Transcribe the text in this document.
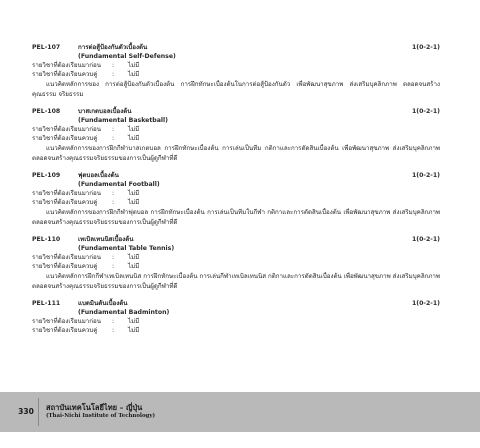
PEL-107	การต่อสู้ป้องกันตัวเบื้องต้น	1(0-2-1)
(Fundamental Self-Defense)
รายวิชาที่ต้องเรียนมาก่อน	:	ไม่มี
รายวิชาที่ต้องเรียนควบคู่	:	ไม่มี
แนวคิดหลักการของ การต่อสู้ป้องกันตัวเบื้องต้น การฝึกทักษะเบื้องต้นในการต่อสู้ป้องกันตัว เพื่อพัฒนาสุขภาพ ส่งเสริมบุคลิกภาพ ตลอดจนสร้างคุณธรรม จริยธรรม
PEL-108	บาสเกตบอลเบื้องต้น	1(0-2-1)
(Fundamental Basketball)
รายวิชาที่ต้องเรียนมาก่อน	:	ไม่มี
รายวิชาที่ต้องเรียนควบคู่	:	ไม่มี
แนวคิดหลักการของการฝึกกีฬาบาสเกตบอล การฝึกทักษะเบื้องต้น การเล่นเป็นทีม กติกาและการตัดสินเบื้องต้น เพื่อพัฒนาสุขภาพ ส่งเสริมบุคลิกภาพ ตลอดจนสร้างคุณธรรมจริยธรรมของการเป็นผู้ดูกีฬาที่ดี
PEL-109	ฟุตบอลเบื้องต้น	1(0-2-1)
(Fundamental Football)
รายวิชาที่ต้องเรียนมาก่อน	:	ไม่มี
รายวิชาที่ต้องเรียนควบคู่	:	ไม่มี
แนวคิดหลักการของการฝึกกีฬาฟุตบอล การฝึกทักษะเบื้องต้น การเล่นเป็นทีมในกีฬา กติกาและการตัดสินเบื้องต้น เพื่อพัฒนาสุขภาพ ส่งเสริมบุคลิกภาพ ตลอดจนสร้างคุณธรรมจริยธรรมของการเป็นผู้ดูกีฬาที่ดี
PEL-110	เทเบิลเทนนิสเบื้องต้น	1(0-2-1)
(Fundamental Table Tennis)
รายวิชาที่ต้องเรียนมาก่อน	:	ไม่มี
รายวิชาที่ต้องเรียนควบคู่	:	ไม่มี
แนวคิดหลักการฝึกกีฬาเทเบิลเทนนิส การฝึกทักษะเบื้องต้น การเล่นกีฬาเทเบิลเทนนิส กติกาและการตัดสินเบื้องต้น เพื่อพัฒนาสุขภาพ ส่งเสริมบุคลิกภาพ ตลอดจนสร้างคุณธรรมจริยธรรมของการเป็นผู้ดูกีฬาที่ดี
PEL-111	แบดมินตันเบื้องต้น	1(0-2-1)
(Fundamental Badminton)
รายวิชาที่ต้องเรียนมาก่อน	:	ไม่มี
รายวิชาที่ต้องเรียนควบคู่	:	ไม่มี
330	สถาบันเทคโนโลยีไทย – ญี่ปุ่น
(Thai-Nichi Institute of Technology)
